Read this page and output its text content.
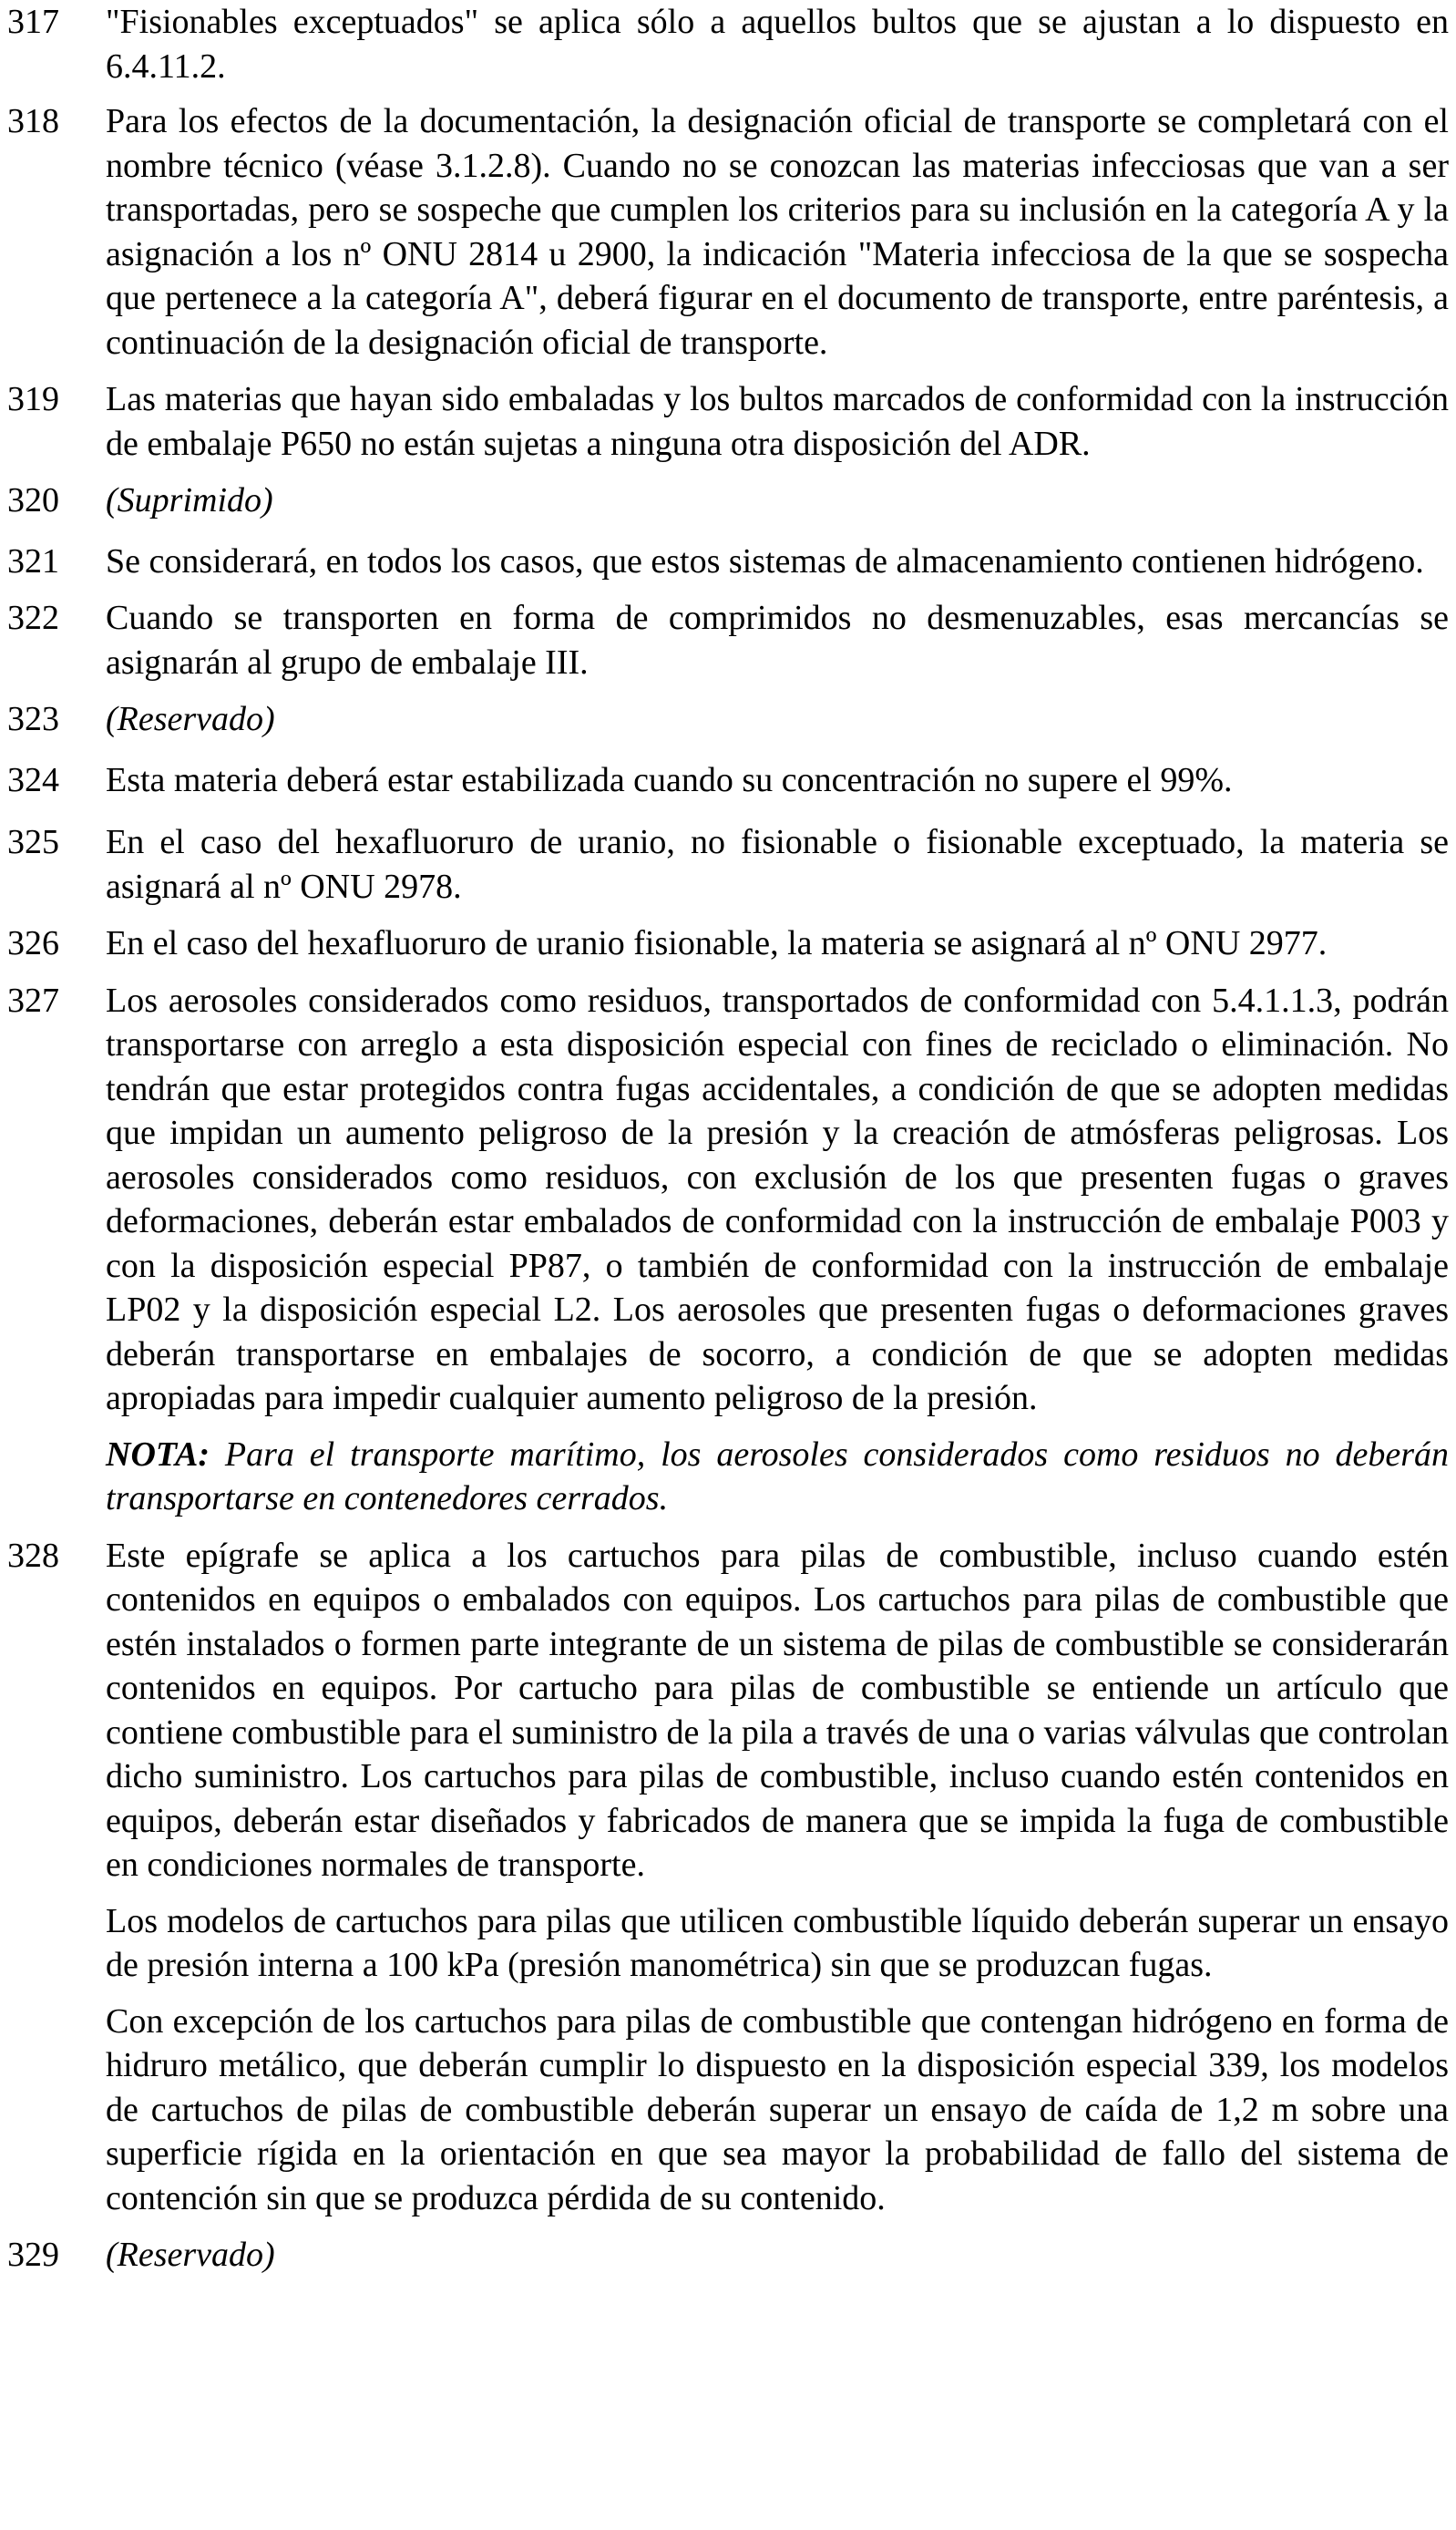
317	"Fisionables exceptuados" se aplica sólo a aquellos bultos que se ajustan a lo dispuesto en 6.4.11.2.

318	Para los efectos de la documentación, la designación oficial de transporte se completará con el nombre técnico (véase 3.1.2.8). Cuando no se conozcan las materias infecciosas que van a ser transportadas, pero se sospeche que cumplen los criterios para su inclusión en la categoría A y la asignación a los nº ONU 2814 u 2900, la indicación "Materia infecciosa de la que se sospecha que pertenece a la categoría A", deberá figurar en el documento de transporte, entre paréntesis, a continuación de la designación oficial de transporte.

319	Las materias que hayan sido embaladas y los bultos marcados de conformidad con la instrucción de embalaje P650 no están sujetas a ninguna otra disposición del ADR.

320	(Suprimido)

321	Se considerará, en todos los casos, que estos sistemas de almacenamiento contienen hidrógeno.

322	Cuando se transporten en forma de comprimidos no desmenuzables, esas mercancías se asignarán al grupo de embalaje III.

323	(Reservado)

324	Esta materia deberá estar estabilizada cuando su concentración no supere el 99%.

325	En el caso del hexafluoruro de uranio, no fisionable o fisionable exceptuado, la materia se asignará al nº ONU 2978.

326	En el caso del hexafluoruro de uranio fisionable, la materia se asignará al nº ONU 2977.

327	Los aerosoles considerados como residuos, transportados de conformidad con 5.4.1.1.3, podrán transportarse con arreglo a esta disposición especial con fines de reciclado o eliminación. No tendrán que estar protegidos contra fugas accidentales, a condición de que se adopten medidas que impidan un aumento peligroso de la presión y la creación de atmósferas peligrosas. Los aerosoles considerados como residuos, con exclusión de los que presenten fugas o graves deformaciones, deberán estar embalados de conformidad con la instrucción de embalaje P003 y con la disposición especial PP87, o también de conformidad con la instrucción de embalaje LP02 y la disposición especial L2. Los aerosoles que presenten fugas o deformaciones graves deberán transportarse en embalajes de socorro, a condición de que se adopten medidas apropiadas para impedir cualquier aumento peligroso de la presión.

NOTA: Para el transporte marítimo, los aerosoles considerados como residuos no deberán transportarse en contenedores cerrados.

328	Este epígrafe se aplica a los cartuchos para pilas de combustible, incluso cuando estén contenidos en equipos o embalados con equipos. Los cartuchos para pilas de combustible que estén instalados o formen parte integrante de un sistema de pilas de combustible se considerarán contenidos en equipos. Por cartucho para pilas de combustible se entiende un artículo que contiene combustible para el suministro de la pila a través de una o varias válvulas que controlan dicho suministro. Los cartuchos para pilas de combustible, incluso cuando estén contenidos en equipos, deberán estar diseñados y fabricados de manera que se impida la fuga de combustible en condiciones normales de transporte.

Los modelos de cartuchos para pilas que utilicen combustible líquido deberán superar un ensayo de presión interna a 100 kPa (presión manométrica) sin que se produzcan fugas.

Con excepción de los cartuchos para pilas de combustible que contengan hidrógeno en forma de hidruro metálico, que deberán cumplir lo dispuesto en la disposición especial 339, los modelos de cartuchos de pilas de combustible deberán superar un ensayo de caída de 1,2 m sobre una superficie rígida en la orientación en que sea mayor la probabilidad de fallo del sistema de contención sin que se produzca pérdida de su contenido.

329	(Reservado)
